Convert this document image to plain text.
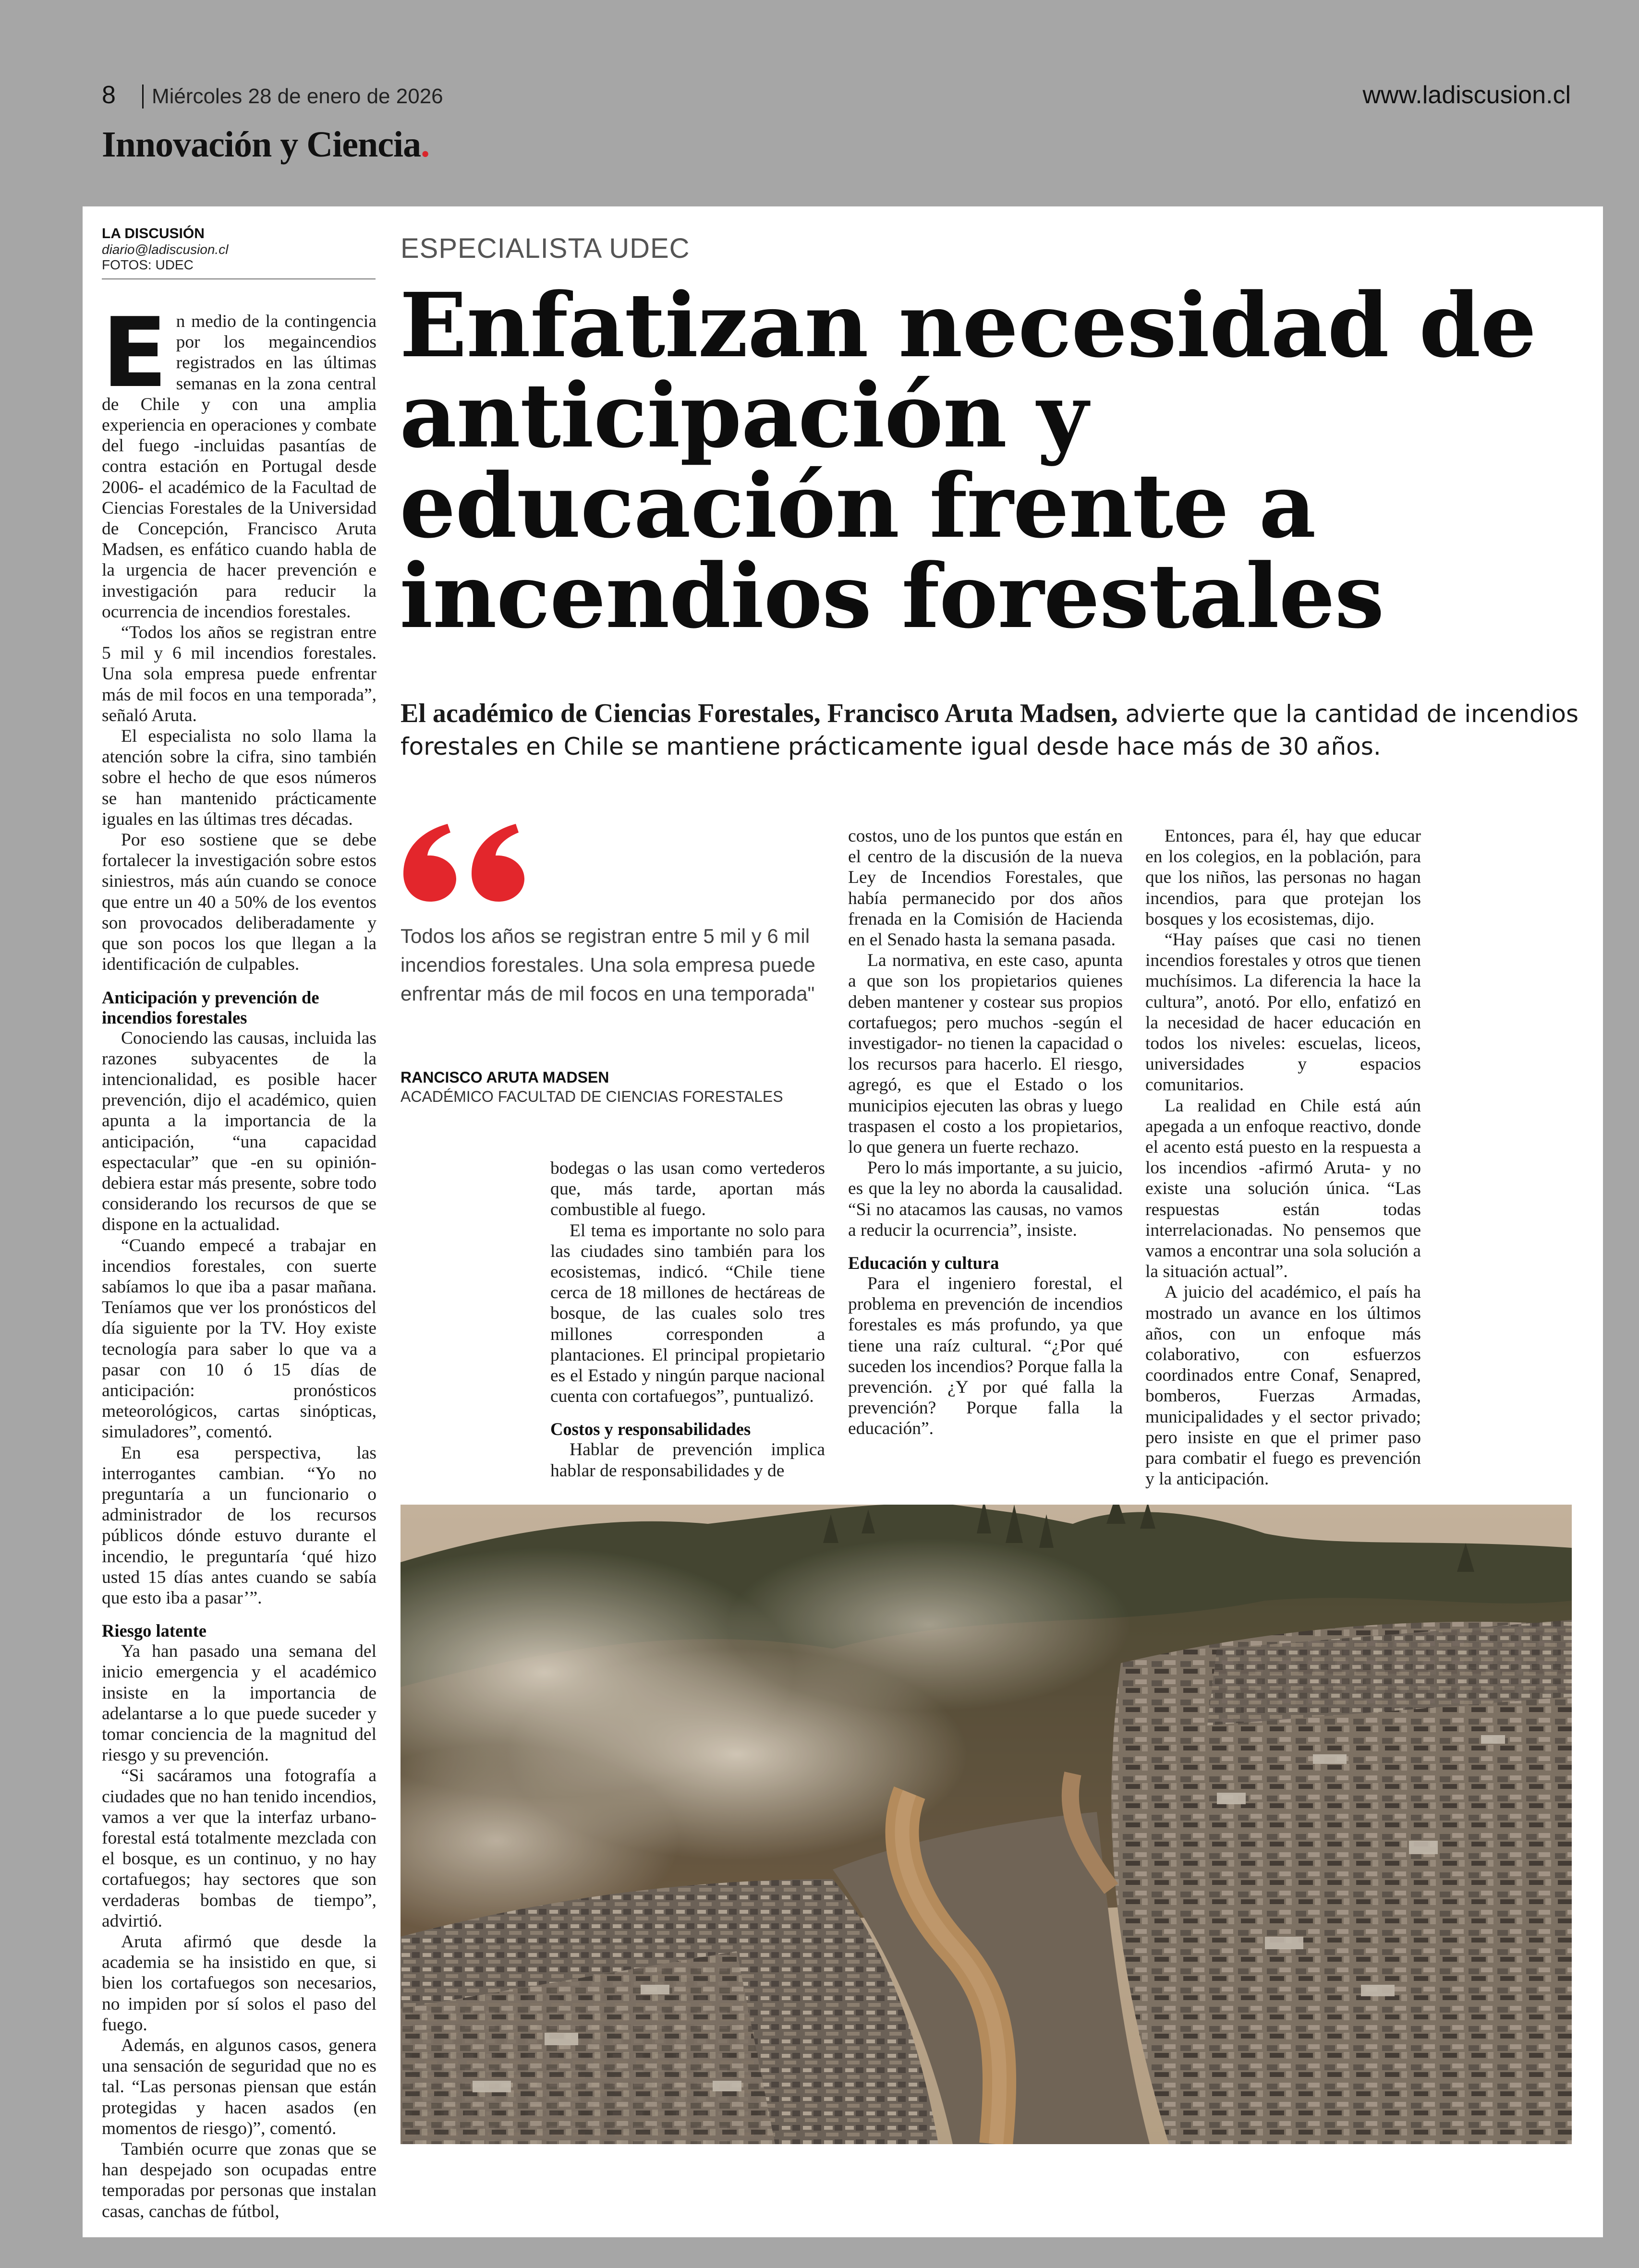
8 Miércoles 28 de enero de 2026	www.ladiscusion.cl
Innovación y Ciencia.
LA DISCUSIÓN
diario@ladiscusion.cl
FOTOS: UDEC
ESPECIALISTA UDEC
Enfatizan necesidad de anticipación y educación frente a incendios forestales
El académico de Ciencias Forestales, Francisco Aruta Madsen, advierte que la cantidad de incendios forestales en Chile se mantiene prácticamente igual desde hace más de 30 años.
E n medio de la contingencia por los megaincendios registrados en las últimas semanas en la zona central de Chile y con una amplia experiencia en operaciones y combate del fuego -incluidas pasantías de contra estación en Portugal desde 2006- el académico de la Facultad de Ciencias Forestales de la Universidad de Concepción, Francisco Aruta Madsen, es enfático cuando habla de la urgencia de hacer prevención e investigación para reducir la ocurrencia de incendios forestales.

“Todos los años se registran entre 5 mil y 6 mil incendios forestales. Una sola empresa puede enfrentar más de mil focos en una temporada”, señaló Aruta.

El especialista no solo llama la atención sobre la cifra, sino también sobre el hecho de que esos números se han mantenido prácticamente iguales en las últimas tres décadas.

Por eso sostiene que se debe fortalecer la investigación sobre estos siniestros, más aún cuando se conoce que entre un 40 a 50% de los eventos son provocados deliberadamente y que son pocos los que llegan a la identificación de culpables.

Anticipación y prevención de incendios forestales

Conociendo las causas, incluida las razones subyacentes de la intencionalidad, es posible hacer prevención, dijo el académico, quien apunta a la importancia de la anticipación, “una capacidad espectacular” que -en su opinión- debiera estar más presente, sobre todo considerando los recursos de que se dispone en la actualidad.

“Cuando empecé a trabajar en incendios forestales, con suerte sabíamos lo que iba a pasar mañana. Teníamos que ver los pronósticos del día siguiente por la TV. Hoy existe tecnología para saber lo que va a pasar con 10 ó 15 días de anticipación: pronósticos meteorológicos, cartas sinópticas, simuladores”, comentó.

En esa perspectiva, las interrogantes cambian. “Yo no preguntaría a un funcionario o administrador de los recursos públicos dónde estuvo durante el incendio, le preguntaría ‘qué hizo usted 15 días antes cuando se sabía que esto iba a pasar’”.

Riesgo latente

Ya han pasado una semana del inicio emergencia y el académico insiste en la importancia de adelantarse a lo que puede suceder y tomar conciencia de la magnitud del riesgo y su prevención.

“Si sacáramos una fotografía a ciudades que no han tenido incendios, vamos a ver que la interfaz urbano-forestal está totalmente mezclada con el bosque, es un continuo, y no hay cortafuegos; hay sectores que son verdaderas bombas de tiempo”, advirtió.

Aruta afirmó que desde la academia se ha insistido en que, si bien los cortafuegos son necesarios, no impiden por sí solos el paso del fuego.

Además, en algunos casos, genera una sensación de seguridad que no es tal. “Las personas piensan que están protegidas y hacen asados (en momentos de riesgo)”, comentó.

También ocurre que zonas que se han despejado son ocupadas entre temporadas por personas que instalan casas, canchas de fútbol,

Todos los años se registran entre 5 mil y 6 mil incendios forestales. Una sola empresa puede enfrentar más de mil focos en una temporada"
RANCISCO ARUTA MADSEN
ACADÉMICO FACULTAD DE CIENCIAS FORESTALES

bodegas o las usan como vertederos que, más tarde, aportan más combustible al fuego.

El tema es importante no solo para las ciudades sino también para los ecosistemas, indicó. “Chile tiene cerca de 18 millones de hectáreas de bosque, de las cuales solo tres millones corresponden a plantaciones. El principal propietario es el Estado y ningún parque nacional cuenta con cortafuegos”, puntualizó.

Costos y responsabilidades

Hablar de prevención implica hablar de responsabilidades y de

costos, uno de los puntos que están en el centro de la discusión de la nueva Ley de Incendios Forestales, que había permanecido por dos años frenada en la Comisión de Hacienda en el Senado hasta la semana pasada.

La normativa, en este caso, apunta a que son los propietarios quienes deben mantener y costear sus propios cortafuegos; pero muchos -según el investigador- no tienen la capacidad o los recursos para hacerlo. El riesgo, agregó, es que el Estado o los municipios ejecuten las obras y luego traspasen el costo a los propietarios, lo que genera un fuerte rechazo.

Pero lo más importante, a su juicio, es que la ley no aborda la causalidad. “Si no atacamos las causas, no vamos a reducir la ocurrencia”, insiste.

Educación y cultura

Para el ingeniero forestal, el problema en prevención de incendios forestales es más profundo, ya que tiene una raíz cultural. “¿Por qué suceden los incendios? Porque falla la prevención. ¿Y por qué falla la prevención? Porque falla la educación”.

Entonces, para él, hay que educar en los colegios, en la población, para que los niños, las personas no hagan incendios, para que protejan los bosques y los ecosistemas, dijo.

“Hay países que casi no tienen incendios forestales y otros que tienen muchísimos. La diferencia la hace la cultura”, anotó. Por ello, enfatizó en la necesidad de hacer educación en todos los niveles: escuelas, liceos, universidades y espacios comunitarios.

La realidad en Chile está aún apegada a un enfoque reactivo, donde el acento está puesto en la respuesta a los incendios -afirmó Aruta- y no existe una solución única. “Las respuestas están todas interrelacionadas. No pensemos que vamos a encontrar una sola solución a la situación actual”.

A juicio del académico, el país ha mostrado un avance en los últimos años, con un enfoque más colaborativo, con esfuerzos coordinados entre Conaf, Senapred, bomberos, Fuerzas Armadas, municipalidades y el sector privado; pero insiste en que el primer paso para combatir el fuego es prevención y la anticipación.
